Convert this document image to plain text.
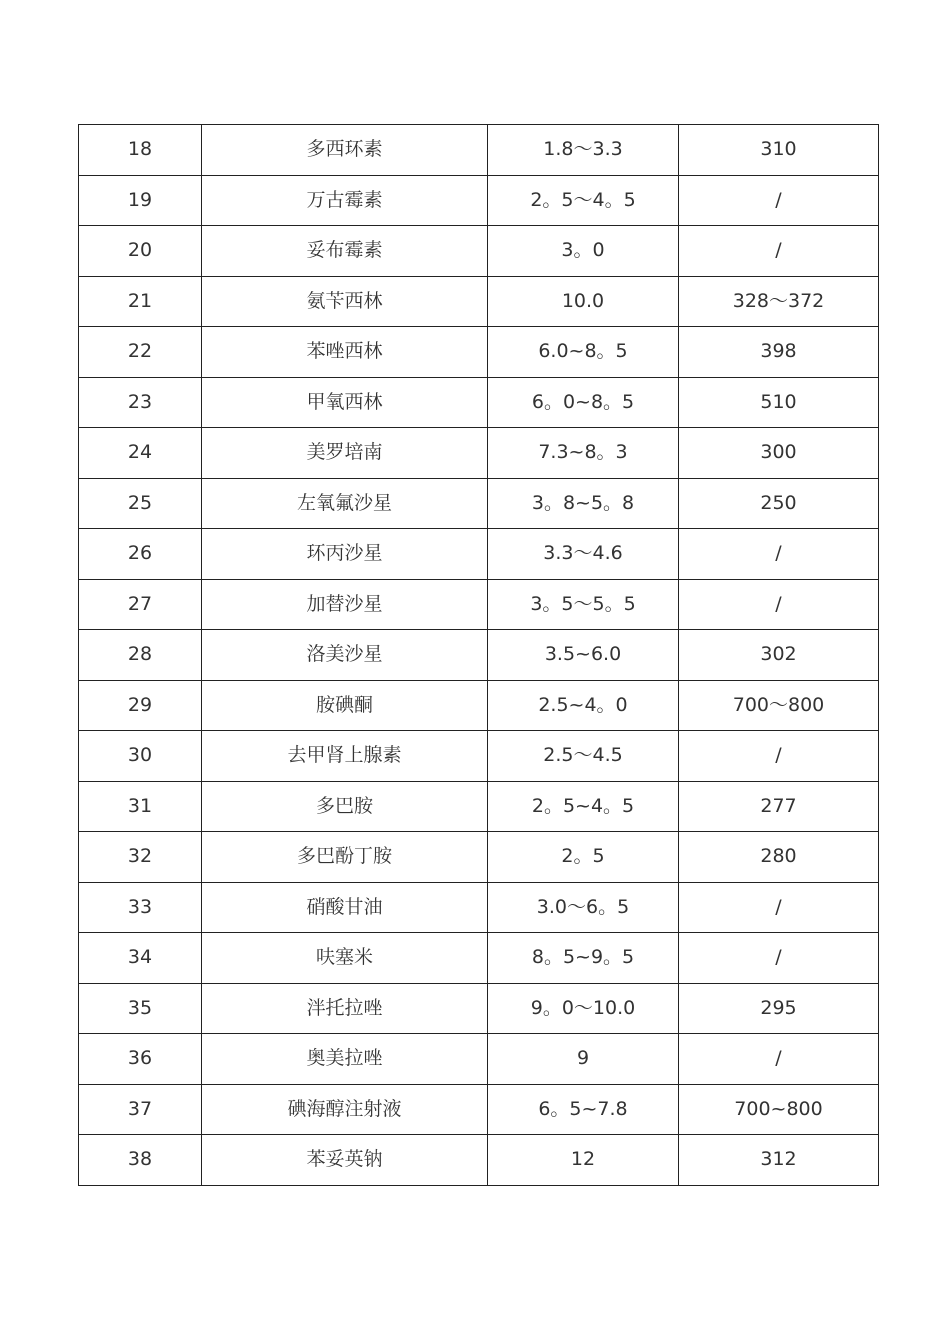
18	多西环素	1.8～3.3	310
19	万古霉素	2。5～4。5	/
20	妥布霉素	3。0	/
21	氨苄西林	10.0	328～372
22	苯唑西林	6.0~8。5	398
23	甲氧西林	6。0~8。5	510
24	美罗培南	7.3~8。3	300
25	左氧氟沙星	3。8~5。8	250
26	环丙沙星	3.3～4.6	/
27	加替沙星	3。5～5。5	/
28	洛美沙星	3.5~6.0	302
29	胺碘酮	2.5~4。0	700～800
30	去甲肾上腺素	2.5～4.5	/
31	多巴胺	2。5~4。5	277
32	多巴酚丁胺	2。5	280
33	硝酸甘油	3.0～6。5	/
34	呋塞米	8。5~9。5	/
35	泮托拉唑	9。0～10.0	295
36	奥美拉唑	9	/
37	碘海醇注射液	6。5~7.8	700~800
38	苯妥英钠	12	312
